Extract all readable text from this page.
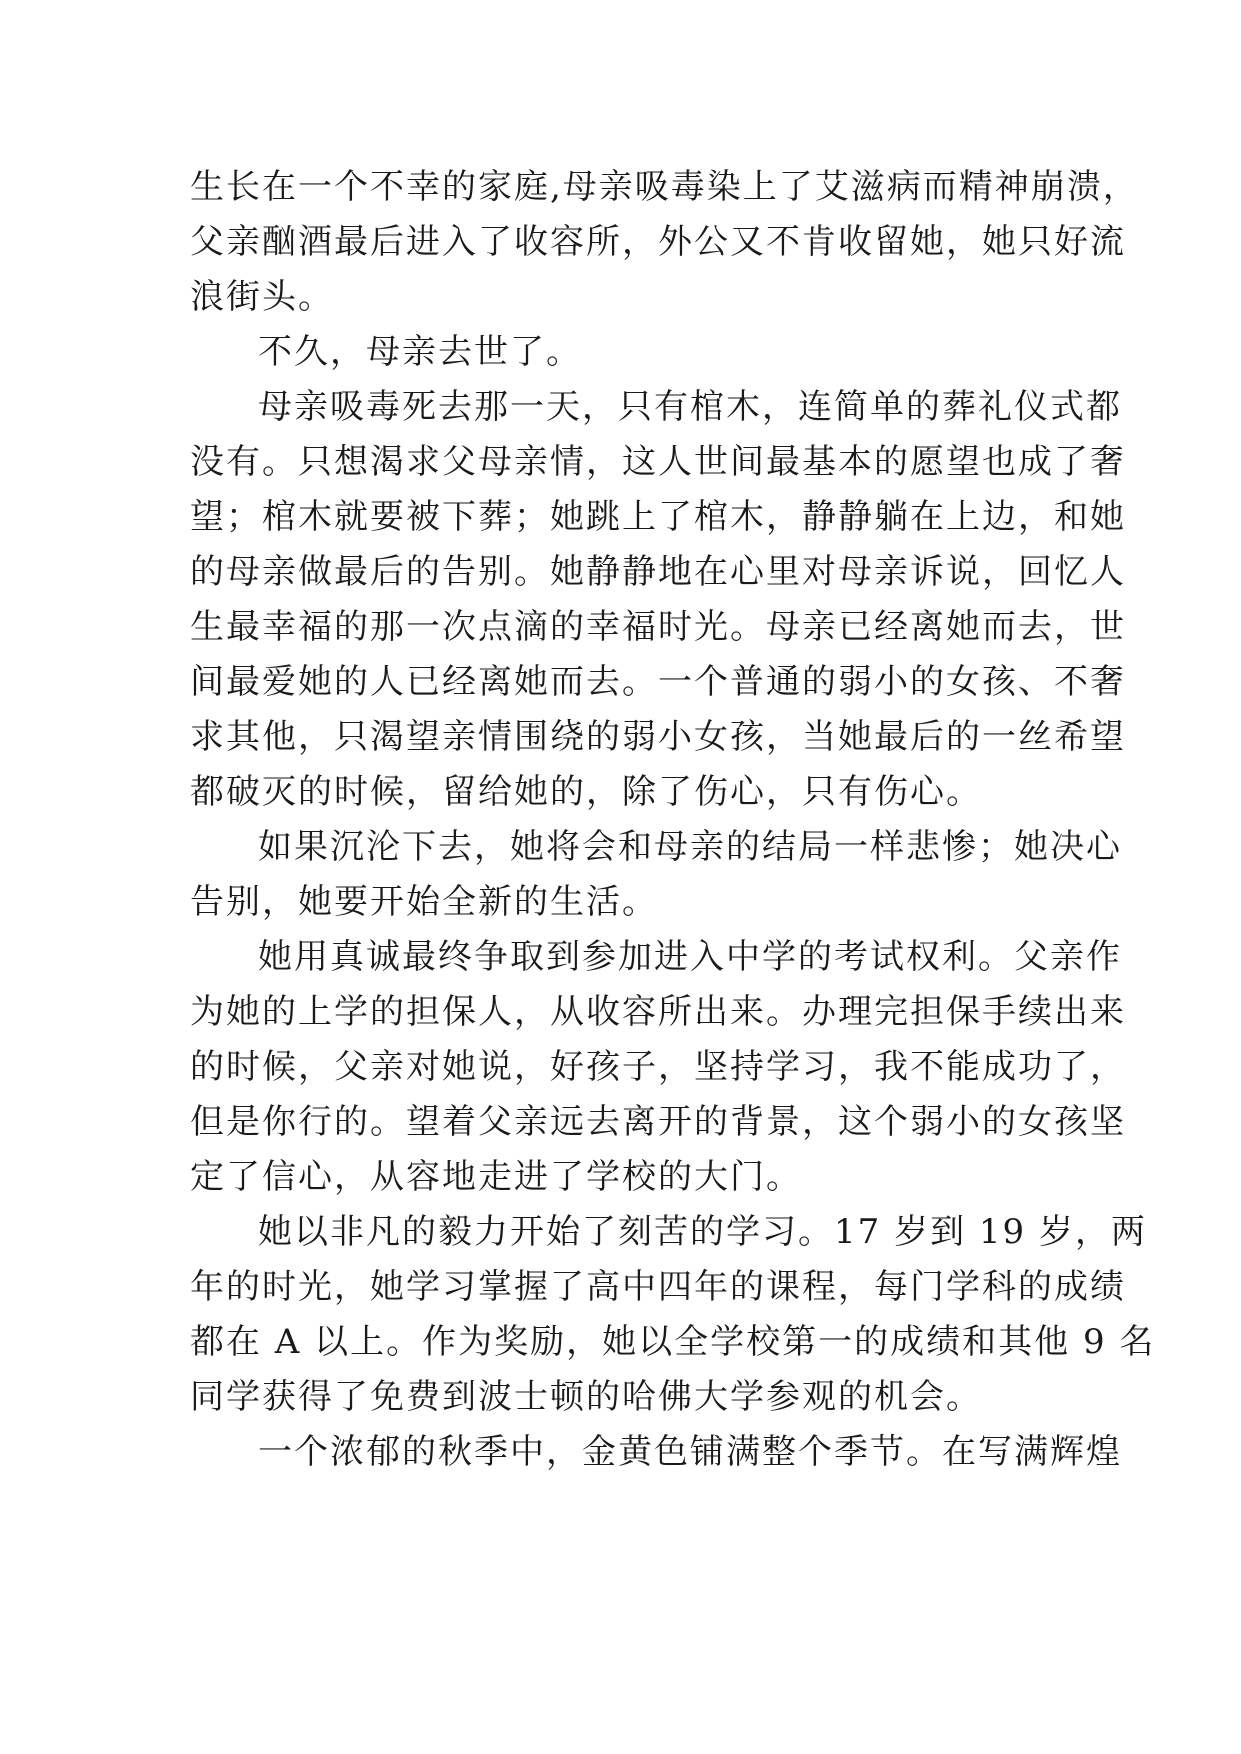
生长在一个不幸的家庭,母亲吸毒染上了艾滋病而精神崩溃，
父亲酗酒最后进入了收容所，外公又不肯收留她，她只好流
浪街头。
不久，母亲去世了。
母亲吸毒死去那一天，只有棺木，连简单的葬礼仪式都
没有。只想渴求父母亲情，这人世间最基本的愿望也成了奢
望；棺木就要被下葬；她跳上了棺木，静静躺在上边，和她
的母亲做最后的告别。她静静地在心里对母亲诉说，回忆人
生最幸福的那一次点滴的幸福时光。母亲已经离她而去，世
间最爱她的人已经离她而去。一个普通的弱小的女孩、不奢
求其他，只渴望亲情围绕的弱小女孩，当她最后的一丝希望
都破灭的时候，留给她的，除了伤心，只有伤心。
如果沉沦下去，她将会和母亲的结局一样悲惨；她决心
告别，她要开始全新的生活。
她用真诚最终争取到参加进入中学的考试权利。父亲作
为她的上学的担保人，从收容所出来。办理完担保手续出来
的时候，父亲对她说，好孩子，坚持学习，我不能成功了，
但是你行的。望着父亲远去离开的背景，这个弱小的女孩坚
定了信心，从容地走进了学校的大门。
她以非凡的毅力开始了刻苦的学习。17 岁到 19 岁，两
年的时光，她学习掌握了高中四年的课程，每门学科的成绩
都在 A 以上。作为奖励，她以全学校第一的成绩和其他 9 名
同学获得了免费到波士顿的哈佛大学参观的机会。
一个浓郁的秋季中，金黄色铺满整个季节。在写满辉煌
